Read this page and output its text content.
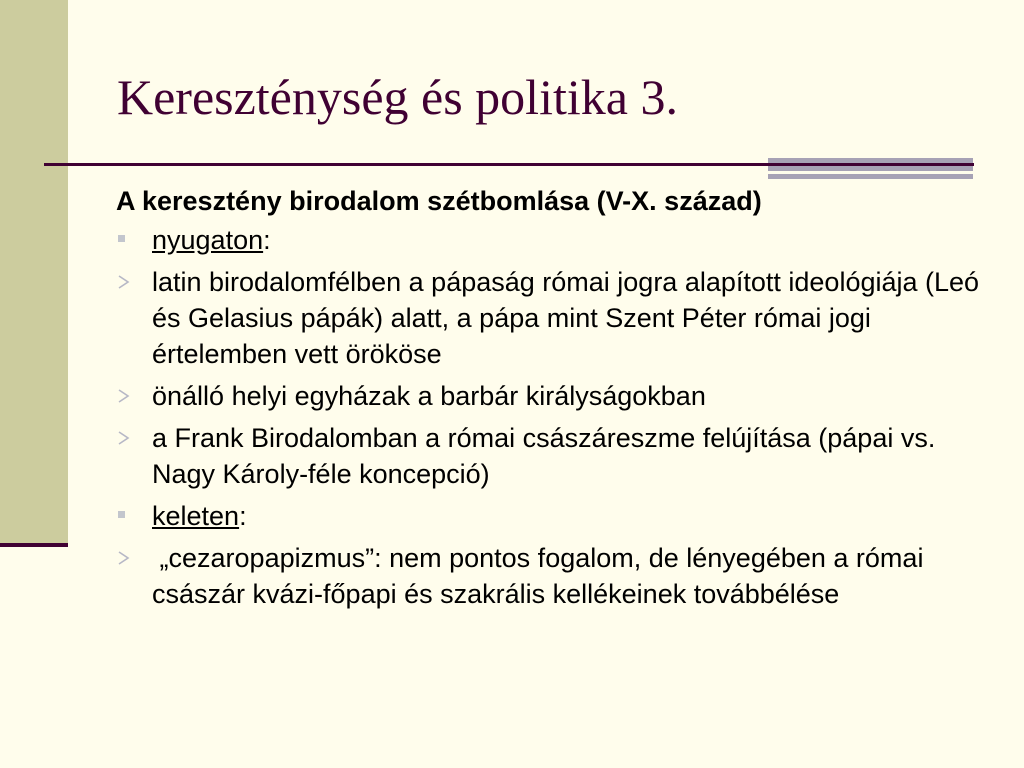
Kereszténység és politika 3.
A keresztény birodalom szétbomlása (V-X. század)
nyugaton:
latin birodalomfélben a pápaság római jogra alapított ideológiája (Leó és Gelasius pápák) alatt, a pápa mint Szent Péter római jogi értelemben vett örököse
önálló helyi egyházak a barbár királyságokban
a Frank Birodalomban a római császáreszme felújítása (pápai vs. Nagy Károly-féle koncepció)
keleten:
„cezaropapizmus”: nem pontos fogalom, de lényegében a római császár kvázi-főpapi és szakrális kellékeinek továbbélése
